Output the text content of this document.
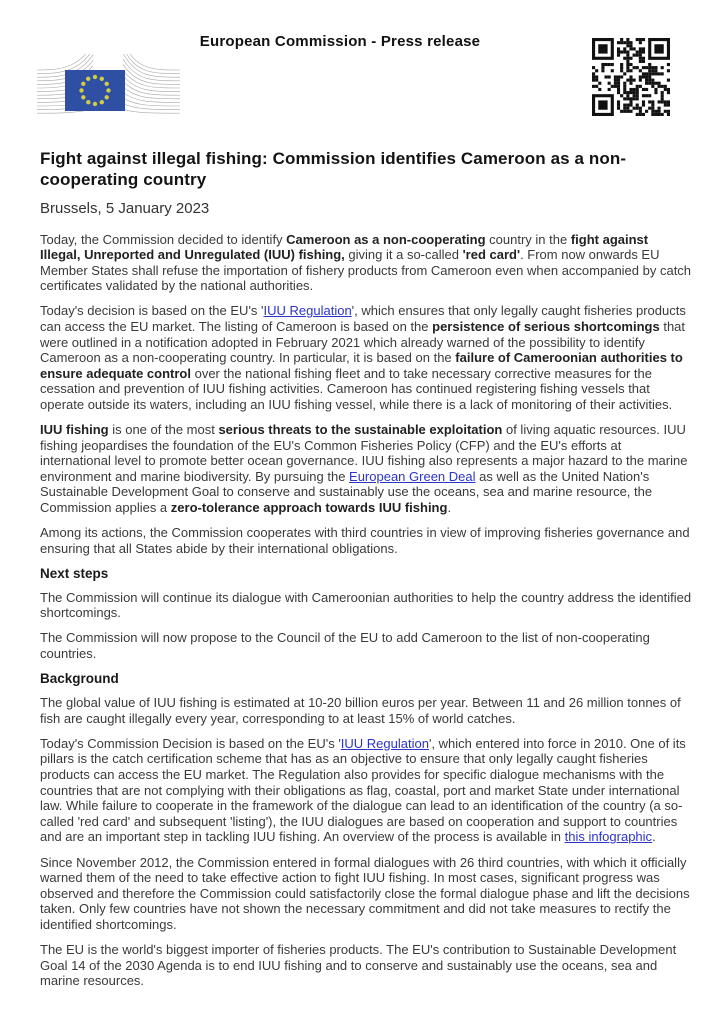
European Commission - Press release
Fight against illegal fishing: Commission identifies Cameroon as a non-cooperating country
Brussels, 5 January 2023

Today, the Commission decided to identify Cameroon as a non-cooperating country in the fight against Illegal, Unreported and Unregulated (IUU) fishing, giving it a so-called 'red card'. From now onwards EU Member States shall refuse the importation of fishery products from Cameroon even when accompanied by catch certificates validated by the national authorities.

Today's decision is based on the EU's 'IUU Regulation', which ensures that only legally caught fisheries products can access the EU market. The listing of Cameroon is based on the persistence of serious shortcomings that were outlined in a notification adopted in February 2021 which already warned of the possibility to identify Cameroon as a non-cooperating country. In particular, it is based on the failure of Cameroonian authorities to ensure adequate control over the national fishing fleet and to take necessary corrective measures for the cessation and prevention of IUU fishing activities. Cameroon has continued registering fishing vessels that operate outside its waters, including an IUU fishing vessel, while there is a lack of monitoring of their activities.

IUU fishing is one of the most serious threats to the sustainable exploitation of living aquatic resources. IUU fishing jeopardises the foundation of the EU's Common Fisheries Policy (CFP) and the EU's efforts at international level to promote better ocean governance. IUU fishing also represents a major hazard to the marine environment and marine biodiversity. By pursuing the European Green Deal as well as the United Nation's Sustainable Development Goal to conserve and sustainably use the oceans, sea and marine resource, the Commission applies a zero-tolerance approach towards IUU fishing.

Among its actions, the Commission cooperates with third countries in view of improving fisheries governance and ensuring that all States abide by their international obligations.

Next steps

The Commission will continue its dialogue with Cameroonian authorities to help the country address the identified shortcomings.

The Commission will now propose to the Council of the EU to add Cameroon to the list of non-cooperating countries.

Background

The global value of IUU fishing is estimated at 10-20 billion euros per year. Between 11 and 26 million tonnes of fish are caught illegally every year, corresponding to at least 15% of world catches.

Today's Commission Decision is based on the EU's 'IUU Regulation', which entered into force in 2010. One of its pillars is the catch certification scheme that has as an objective to ensure that only legally caught fisheries products can access the EU market. The Regulation also provides for specific dialogue mechanisms with the countries that are not complying with their obligations as flag, coastal, port and market State under international law. While failure to cooperate in the framework of the dialogue can lead to an identification of the country (a so-called 'red card' and subsequent 'listing'), the IUU dialogues are based on cooperation and support to countries and are an important step in tackling IUU fishing. An overview of the process is available in this infographic.

Since November 2012, the Commission entered in formal dialogues with 26 third countries, with which it officially warned them of the need to take effective action to fight IUU fishing. In most cases, significant progress was observed and therefore the Commission could satisfactorily close the formal dialogue phase and lift the decisions taken. Only few countries have not shown the necessary commitment and did not take measures to rectify the identified shortcomings.

The EU is the world's biggest importer of fisheries products. The EU's contribution to Sustainable Development Goal 14 of the 2030 Agenda is to end IUU fishing and to conserve and sustainably use the oceans, sea and marine resources.
